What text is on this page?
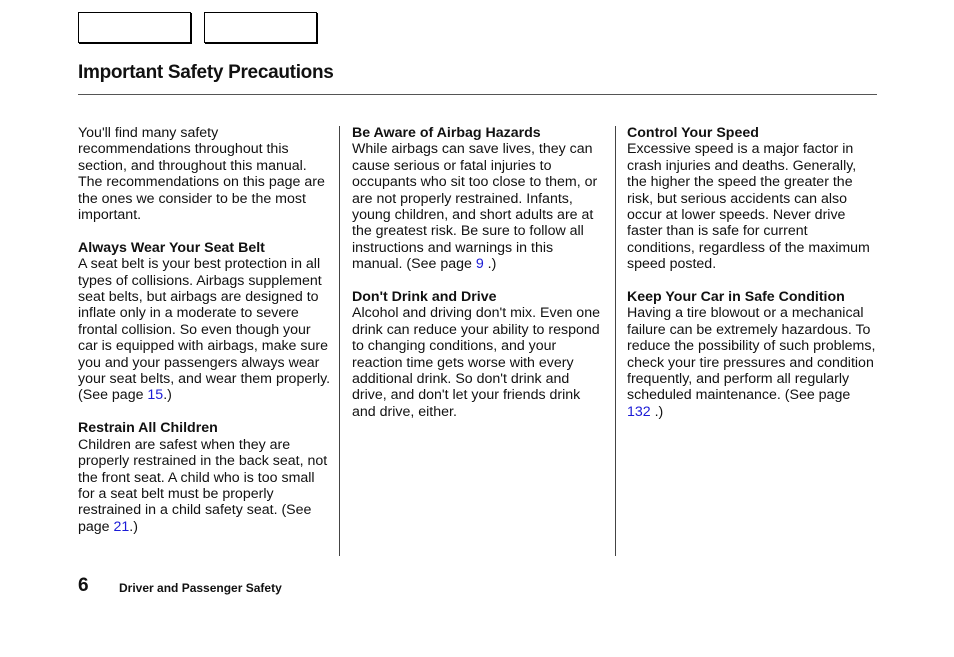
Important Safety Precautions

You'll find many safety recommendations throughout this section, and throughout this manual. The recommendations on this page are the ones we consider to be the most important.

Always Wear Your Seat Belt

A seat belt is your best protection in all types of collisions. Airbags supplement seat belts, but airbags are designed to inflate only in a moderate to severe frontal collision. So even though your car is equipped with airbags, make sure you and your passengers always wear your seat belts, and wear them properly. (See page 15.)

Restrain All Children

Children are safest when they are properly restrained in the back seat, not the front seat. A child who is too small for a seat belt must be properly restrained in a child safety seat. (See page 21.)

Be Aware of Airbag Hazards

While airbags can save lives, they can cause serious or fatal injuries to occupants who sit too close to them, or are not properly restrained. Infants, young children, and short adults are at the greatest risk. Be sure to follow all instructions and warnings in this manual. (See page 9 .)

Don't Drink and Drive

Alcohol and driving don't mix. Even one drink can reduce your ability to respond to changing conditions, and your reaction time gets worse with every additional drink. So don't drink and drive, and don't let your friends drink and drive, either.

Control Your Speed

Excessive speed is a major factor in crash injuries and deaths. Generally, the higher the speed the greater the risk, but serious accidents can also occur at lower speeds. Never drive faster than is safe for current conditions, regardless of the maximum speed posted.

Keep Your Car in Safe Condition

Having a tire blowout or a mechanical failure can be extremely hazardous. To reduce the possibility of such problems, check your tire pressures and condition frequently, and perform all regularly scheduled maintenance. (See page 132 .)

6	Driver and Passenger Safety
